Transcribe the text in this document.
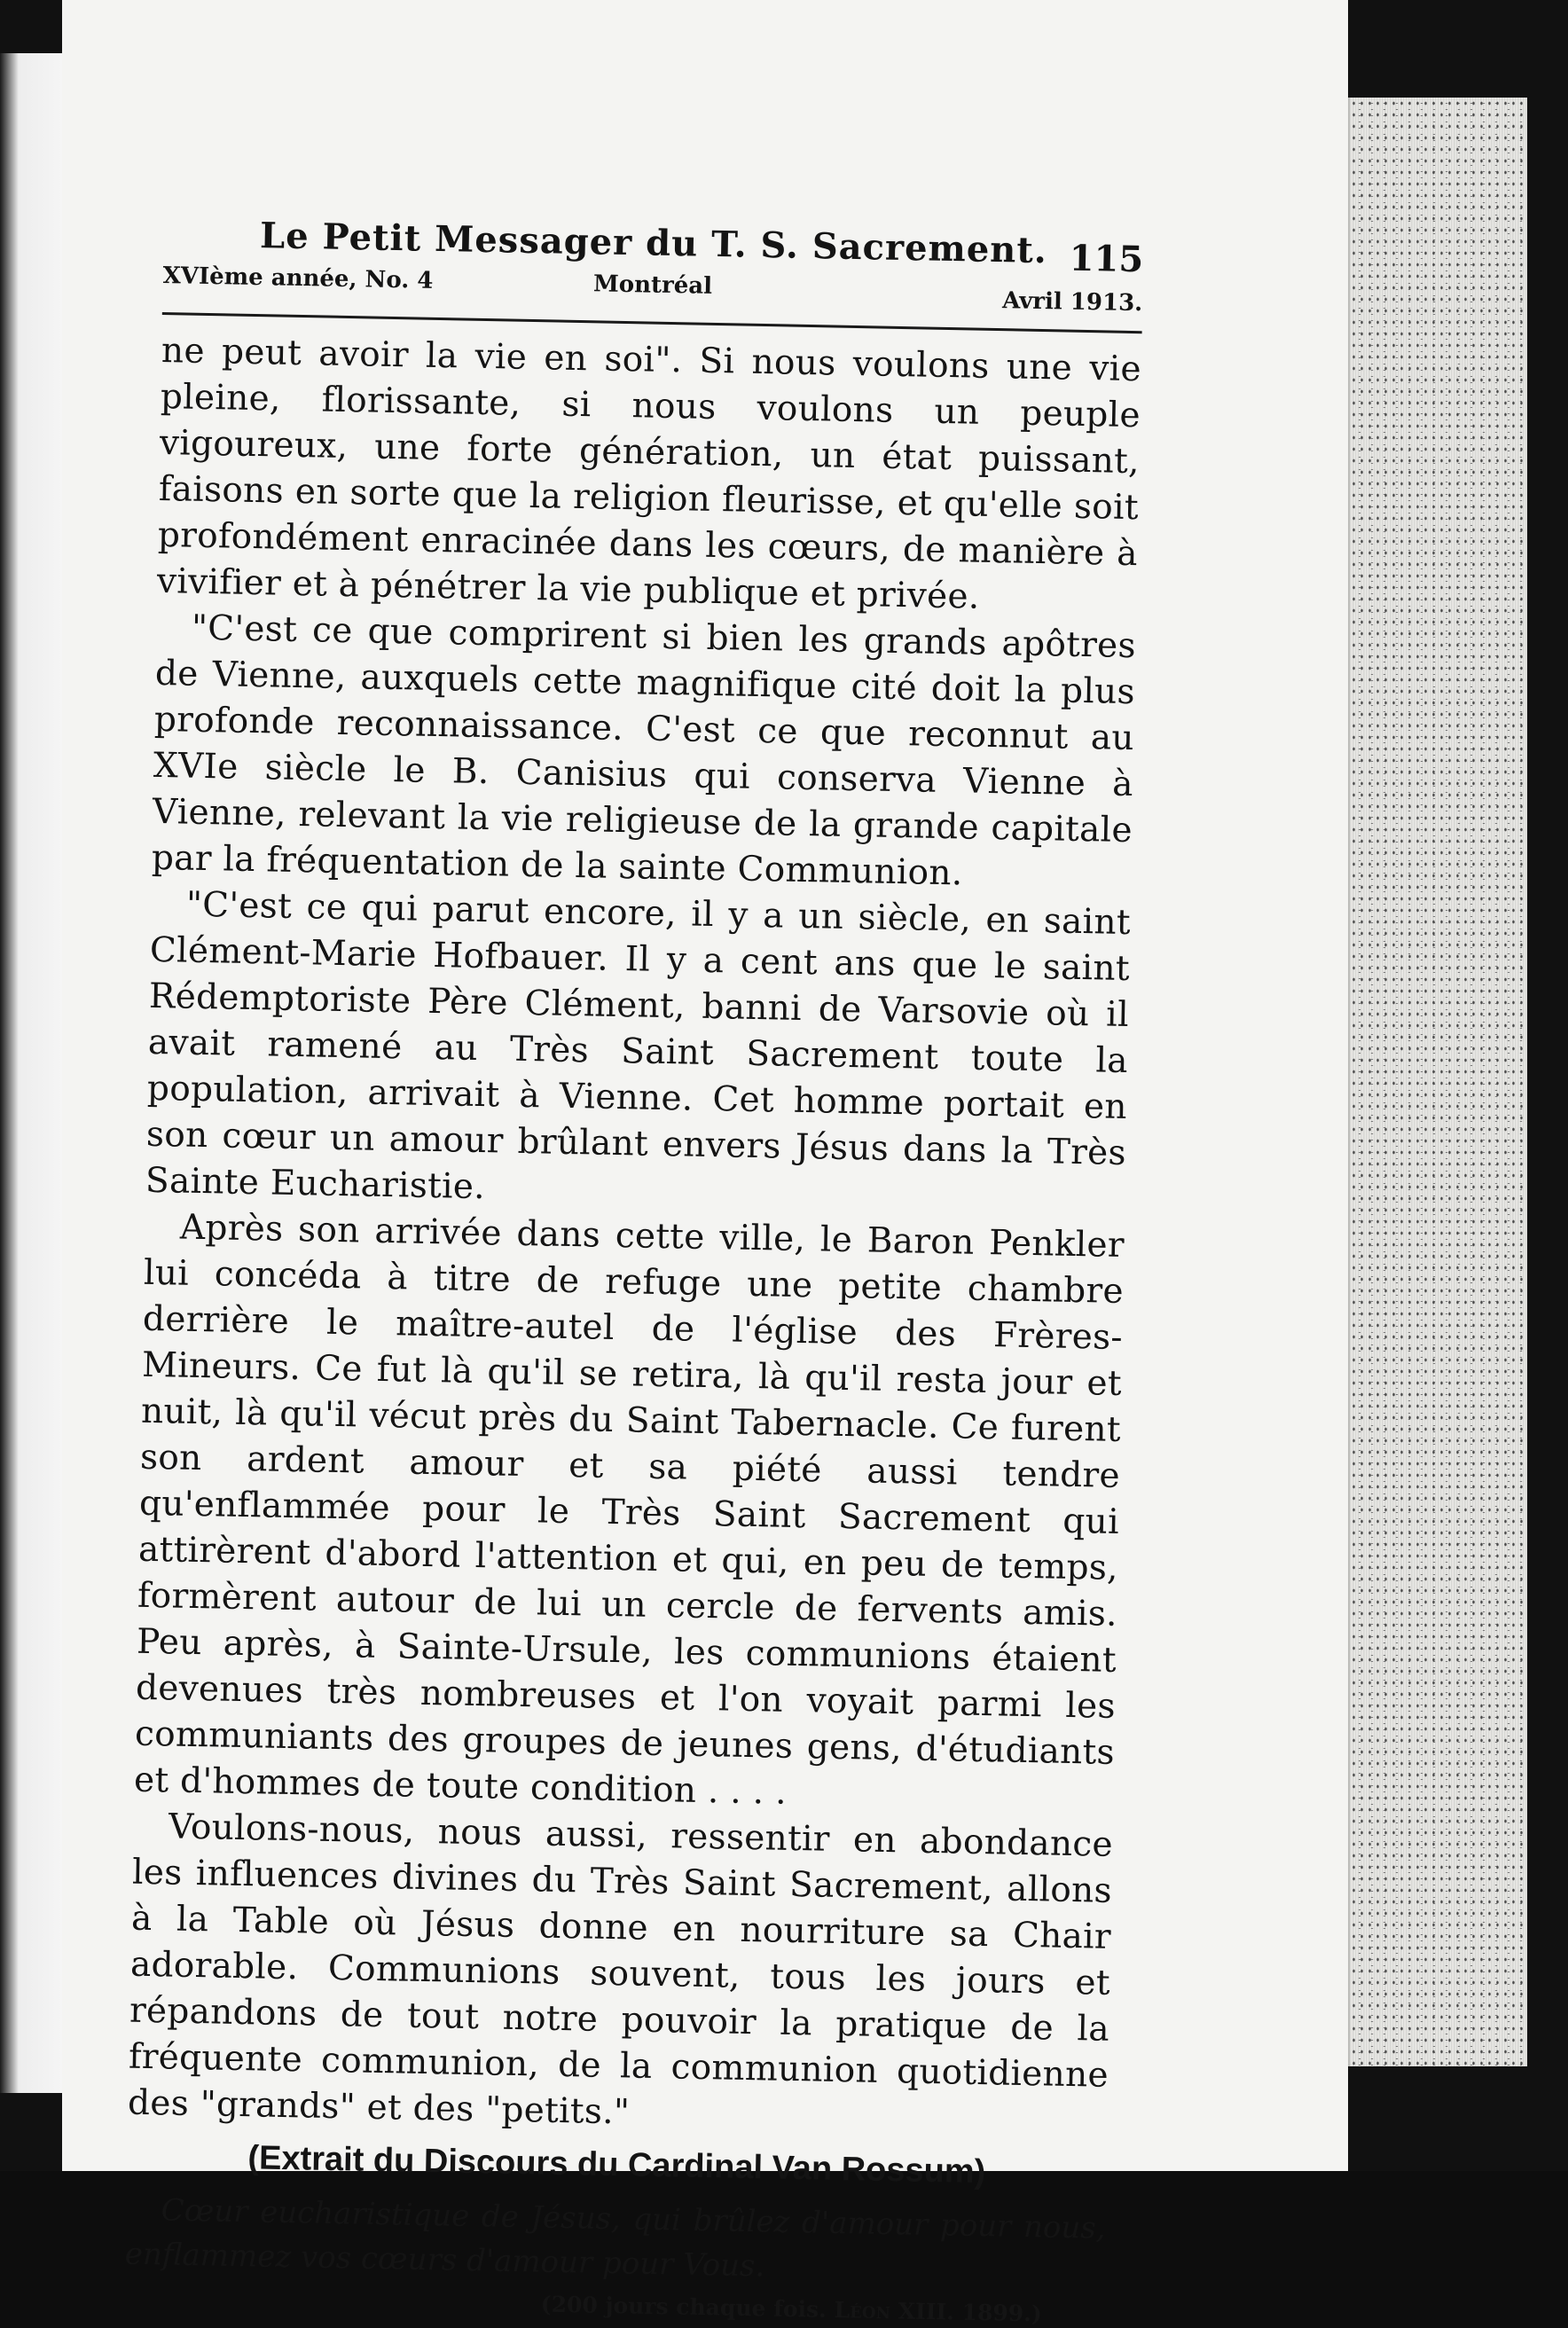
Le Petit Messager du T. S. Sacrement. 115
XVIème année, No. 4	Montréal
Avril 1913.

ne peut avoir la vie en soi". Si nous voulons une vie pleine, florissante, si nous voulons un peuple vigoureux, une forte génération, un état puissant, faisons en sorte que la religion fleurisse, et qu'elle soit profondément enracinée dans les cœurs, de manière à vivifier et à pénétrer la vie publique et privée.

"C'est ce que comprirent si bien les grands apôtres de Vienne, auxquels cette magnifique cité doit la plus profonde reconnaissance. C'est ce que reconnut au XVIe siècle le B. Canisius qui conserva Vienne à Vienne, relevant la vie religieuse de la grande capitale par la fréquentation de la sainte Communion.

"C'est ce qui parut encore, il y a un siècle, en saint Clément-Marie Hofbauer. Il y a cent ans que le saint Rédemptoriste Père Clément, banni de Varsovie où il avait ramené au Très Saint Sacrement toute la population, arrivait à Vienne. Cet homme portait en son cœur un amour brûlant envers Jésus dans la Très Sainte Eucharistie.

Après son arrivée dans cette ville, le Baron Penkler lui concéda à titre de refuge une petite chambre derrière le maître-autel de l'église des Frères-Mineurs. Ce fut là qu'il se retira, là qu'il resta jour et nuit, là qu'il vécut près du Saint Tabernacle. Ce furent son ardent amour et sa piété aussi tendre qu'enflammée pour le Très Saint Sacrement qui attirèrent d'abord l'attention et qui, en peu de temps, formèrent autour de lui un cercle de fervents amis. Peu après, à Sainte-Ursule, les communions étaient devenues très nombreuses et l'on voyait parmi les communiants des groupes de jeunes gens, d'étudiants et d'hommes de toute condition . . . .

Voulons-nous, nous aussi, ressentir en abondance les influences divines du Très Saint Sacrement, allons à la Table où Jésus donne en nourriture sa Chair adorable. Communions souvent, tous les jours et répandons de tout notre pouvoir la pratique de la fréquente communion, de la communion quotidienne des "grands" et des "petits."

(Extrait du Discours du Cardinal Van Rossum)

Cœur eucharistique de Jésus, qui brûlez d'amour pour nous, enflammez vos cœurs d'amour pour Vous.

(200 jours chaque fois. Léon XIII. 1899.)
